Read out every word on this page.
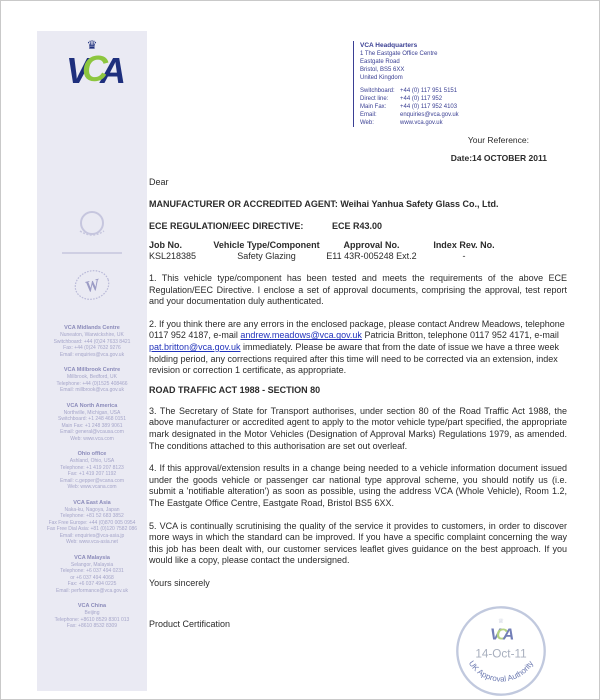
♛
VCA
W
VCA Midlands Centre
Nuneaton, Warwickshire, UK
Switchboard: +44 (0)24 7633 8421
Fax: +44 (0)24 7632 9276
Email: enquiries@vca.gov.uk
VCA Millbrook Centre
Millbrook, Bedford, UK
Telephone: +44 (0)1525 408466
Email: millbrook@vca.gov.uk
VCA North America
Northville, Michigan, USA
Switchboard: +1 248 468 0151
Main Fax: +1 248 389 9061
Email: general@vcausa.com
Web: www.vca.com
Ohio office
Ashland, Ohio, USA
Telephone: +1 419 207 8123
Fax: +1 419 207 1192
Email: c.gepper@vcana.com
Web: www.vcana.com
VCA East Asia
Naka-ku, Nagoya, Japan
Telephone: +81 52 683 3852
Fax Free Europe: +44 (0)870 005 0954
Fax Free Dial Asia: +81 (0)120 7582 086
Email: enquiries@vca-asia.jp
Web: www.vca-asia.net
VCA Malaysia
Selangor, Malaysia
Telephone: +6 037 494 0231
or +6 037 494 4068
Fax: +6 037 494 0225
Email: performance@vca.gov.uk
VCA China
Beijing
Telephone: +8610 8529 8301 013
Fax: +8610 8532 8309
VCA Headquarters
1 The Eastgate Office Centre
Eastgate Road
Bristol, BS5 6XX
United Kingdom
Switchboard: +44 (0) 117 951 5151
Direct line:	+44 (0) 117 952
Main Fax:	+44 (0) 117 952 4103
Email:	enquiries@vca.gov.uk
Web:	www.vca.gov.uk
Your Reference:
Date:14 OCTOBER 2011
Dear
MANUFACTURER OR ACCREDITED AGENT: Weihai Yanhua Safety Glass Co., Ltd.
ECE REGULATION/EEC DIRECTIVE:	ECE R43.00
Job No.	Vehicle Type/Component	Approval No.	Index Rev. No.
KSL218385	Safety Glazing	E11 43R-005248 Ext.2	-
1. This vehicle type/component has been tested and meets the requirements of the above ECE Regulation/EEC Directive. I enclose a set of approval documents, comprising the approval, test report and your documentation duly authenticated.
2. If you think there are any errors in the enclosed package, please contact Andrew Meadows, telephone 0117 952 4187, e-mail andrew.meadows@vca.gov.uk Patricia Britton, telephone 0117 952 4171, e-mail pat.britton@vca.gov.uk immediately. Please be aware that from the date of issue we have a three week holding period, any corrections required after this time will need to be corrected via an extension, index revision or correction 1 certificate, as appropriate.
ROAD TRAFFIC ACT 1988 - SECTION 80
3. The Secretary of State for Transport authorises, under section 80 of the Road Traffic Act 1988, the above manufacturer or accredited agent to apply to the motor vehicle type/part specified, the appropriate mark designated in the Motor Vehicles (Designation of Approval Marks) Regulations 1979, as amended. The conditions attached to this authorisation are set out overleaf.
4. If this approval/extension results in a change being needed to a vehicle information document issued under the goods vehicle or passenger car national type approval scheme, you should notify us (i.e. submit a 'notifiable alteration') as soon as possible, using the address VCA (Whole Vehicle), Room 1.2, The Eastgate Office Centre, Eastgate Road, Bristol BS5 6XX.
5. VCA is continually scrutinising the quality of the service it provides to customers, in order to discover more ways in which the standard can be improved. If you have a specific complaint concerning the way this job has been dealt with, our customer services leaflet gives guidance on the best approach. If you would like a copy, please contact the undersigned.
Yours sincerely
Product Certification	♕
VCA
14-Oct-11
UK Approval Authority
